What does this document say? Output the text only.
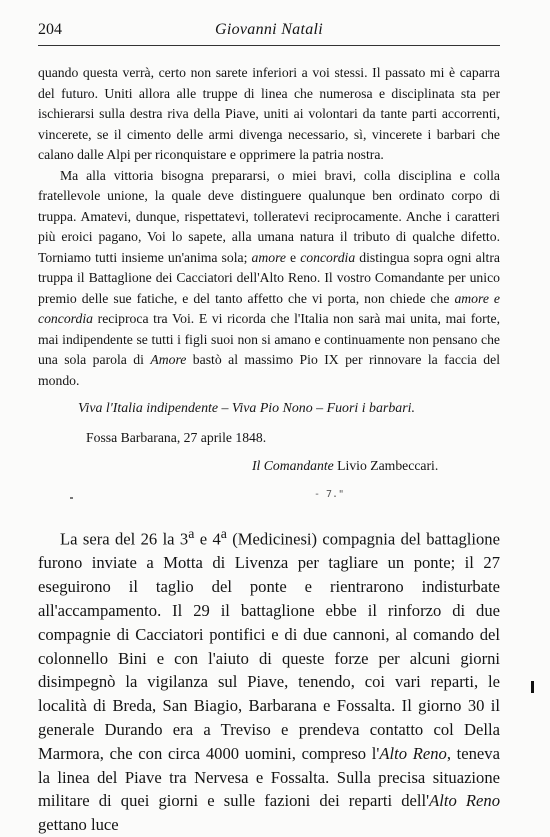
204	Giovanni Natali

quando questa verrà, certo non sarete inferiori a voi stessi. Il passato mi è caparra del futuro. Uniti allora alle truppe di linea che numerosa e disciplinata sta per ischierarsi sulla destra riva della Piave, uniti ai volontari da tante parti accorrenti, vincerete, se il cimento delle armi divenga necessario, sì, vincerete i barbari che calano dalle Alpi per riconquistare e opprimere la patria nostra.

Ma alla vittoria bisogna prepararsi, o miei bravi, colla disciplina e colla fratellevole unione, la quale deve distinguere qualunque ben ordinato corpo di truppa. Amatevi, dunque, rispettatevi, tolleratevi reciprocamente. Anche i caratteri più eroici pagano, Voi lo sapete, alla umana natura il tributo di qualche difetto. Torniamo tutti insieme un'anima sola; amore e concordia distingua sopra ogni altra truppa il Battaglione dei Cacciatori dell'Alto Reno. Il vostro Comandante per unico premio delle sue fatiche, e del tanto affetto che vi porta, non chiede che amore e concordia reciproca tra Voi. E vi ricorda che l'Italia non sarà mai unita, mai forte, mai indipendente se tutti i figli suoi non si amano e continuamente non pensano che una sola parola di Amore bastò al massimo Pio IX per rinnovare la faccia del mondo.

Viva l'Italia indipendente – Viva Pio Nono – Fuori i barbari.

Fossa Barbarana, 27 aprile 1848.

Il Comandante Livio Zambeccari.

- 7."

La sera del 26 la 3$^a$ e 4$^a$ (Medicinesi) compagnia del battaglione furono inviate a Motta di Livenza per tagliare un ponte; il 27 eseguirono il taglio del ponte e rientrarono indisturbate all'accampamento. Il 29 il battaglione ebbe il rinforzo di due compagnie di Cacciatori pontifici e di due cannoni, al comando del colonnello Bini e con l'aiuto di queste forze per alcuni giorni disimpegnò la vigilanza sul Piave, tenendo, coi vari reparti, le località di Breda, San Biagio, Barbarana e Fossalta. Il giorno 30 il generale Durando era a Treviso e prendeva contatto col Della Marmora, che con circa 4000 uomini, compreso l'Alto Reno, teneva la linea del Piave tra Nervesa e Fossalta. Sulla precisa situazione militare di quei giorni e sulle fazioni dei reparti dell'Alto Reno gettano luce
